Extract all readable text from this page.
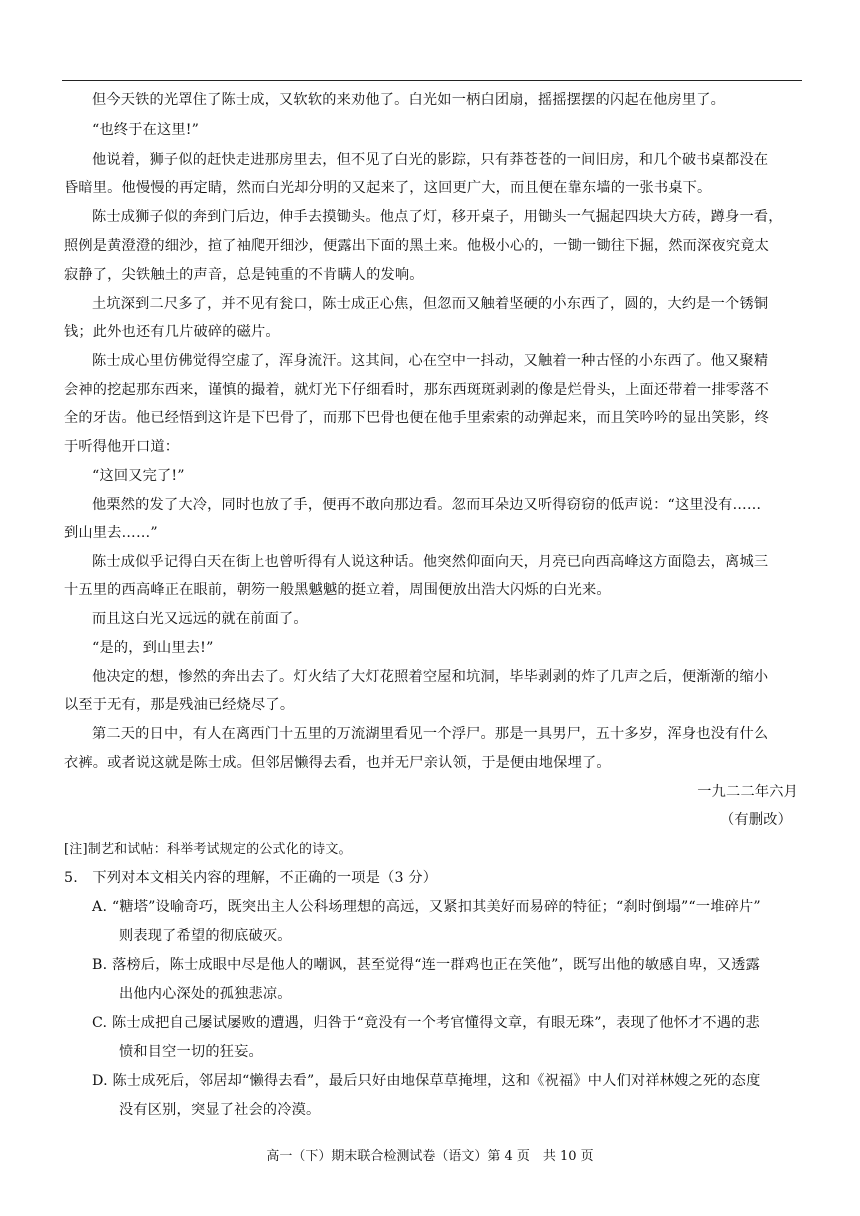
但今天铁的光罩住了陈士成，又软软的来劝他了。白光如一柄白团扇，摇摇摆摆的闪起在他房里了。
“也终于在这里!”
他说着，狮子似的赶快走进那房里去，但不见了白光的影踪，只有莽苍苍的一间旧房，和几个破书桌都没在
昏暗里。他慢慢的再定睛，然而白光却分明的又起来了，这回更广大，而且便在靠东墙的一张书桌下。
陈士成狮子似的奔到门后边，伸手去摸锄头。他点了灯，移开桌子，用锄头一气掘起四块大方砖，蹲身一看，
照例是黄澄澄的细沙，揎了袖爬开细沙，便露出下面的黑土来。他极小心的，一锄一锄往下掘，然而深夜究竟太
寂静了，尖铁触土的声音，总是钝重的不肯瞒人的发响。
土坑深到二尺多了，并不见有瓮口，陈士成正心焦，但忽而又触着坚硬的小东西了，圆的，大约是一个锈铜
钱；此外也还有几片破碎的磁片。
陈士成心里仿佛觉得空虚了，浑身流汗。这其间，心在空中一抖动，又触着一种古怪的小东西了。他又聚精
会神的挖起那东西来，谨慎的撮着，就灯光下仔细看时，那东西斑斑剥剥的像是烂骨头，上面还带着一排零落不
全的牙齿。他已经悟到这许是下巴骨了，而那下巴骨也便在他手里索索的动弹起来，而且笑吟吟的显出笑影，终
于听得他开口道：
“这回又完了!”
他栗然的发了大冷，同时也放了手，便再不敢向那边看。忽而耳朵边又听得窃窃的低声说：“这里没有……
到山里去……”
陈士成似乎记得白天在街上也曾听得有人说这种话。他突然仰面向天，月亮已向西高峰这方面隐去，离城三
十五里的西高峰正在眼前，朝笏一般黑魆魆的挺立着，周围便放出浩大闪烁的白光来。
而且这白光又远远的就在前面了。
“是的，到山里去!”
他决定的想，惨然的奔出去了。灯火结了大灯花照着空屋和坑洞，毕毕剥剥的炸了几声之后，便渐渐的缩小
以至于无有，那是残油已经烧尽了。
第二天的日中，有人在离西门十五里的万流湖里看见一个浮尸。那是一具男尸，五十多岁，浑身也没有什么
衣裤。或者说这就是陈士成。但邻居懒得去看，也并无尸亲认领，于是便由地保埋了。
一九二二年六月
（有删改）
[注]制艺和试帖：科举考试规定的公式化的诗文。
5.　下列对本文相关内容的理解，不正确的一项是（3 分）
A. “糖塔”设喻奇巧，既突出主人公科场理想的高远，又紧扣其美好而易碎的特征；“刹时倒塌”“一堆碎片”
则表现了希望的彻底破灭。
B. 落榜后，陈士成眼中尽是他人的嘲讽，甚至觉得“连一群鸡也正在笑他”，既写出他的敏感自卑，又透露
出他内心深处的孤独悲凉。
C. 陈士成把自己屡试屡败的遭遇，归咎于“竟没有一个考官懂得文章，有眼无珠”，表现了他怀才不遇的悲
愤和目空一切的狂妄。
D. 陈士成死后，邻居却“懒得去看”，最后只好由地保草草掩埋，这和《祝福》中人们对祥林嫂之死的态度
没有区别，突显了社会的冷漠。
高一（下）期末联合检测试卷（语文）第 4 页　共 10 页
